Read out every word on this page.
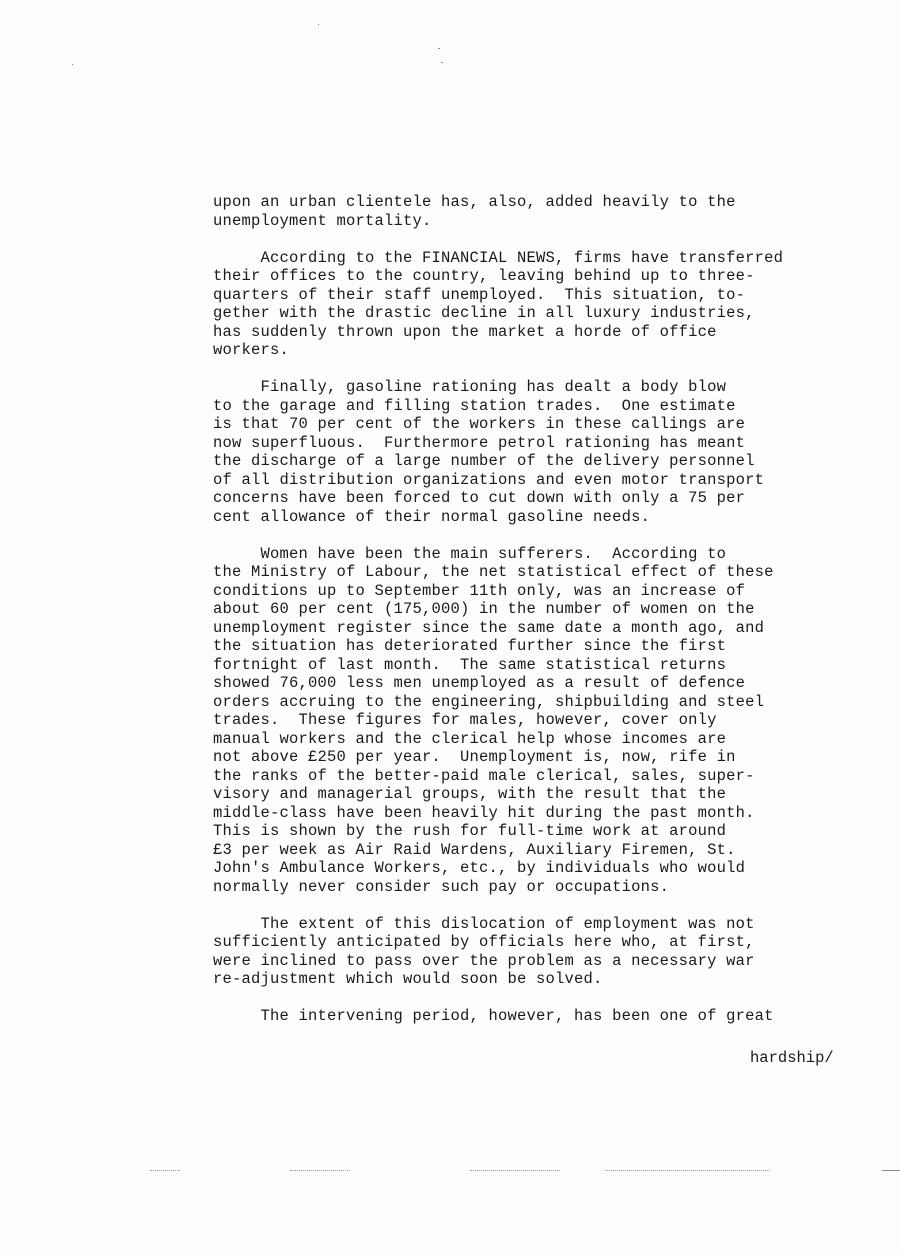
upon an urban clientele has, also, added heavily to the
unemployment mortality.
According to the FINANCIAL NEWS, firms have transferred
their offices to the country, leaving behind up to three-
quarters of their staff unemployed.  This situation, to-
gether with the drastic decline in all luxury industries,
has suddenly thrown upon the market a horde of office
workers.
Finally, gasoline rationing has dealt a body blow
to the garage and filling station trades.  One estimate
is that 70 per cent of the workers in these callings are
now superfluous.  Furthermore petrol rationing has meant
the discharge of a large number of the delivery personnel
of all distribution organizations and even motor transport
concerns have been forced to cut down with only a 75 per
cent allowance of their normal gasoline needs.
Women have been the main sufferers.  According to
the Ministry of Labour, the net statistical effect of these
conditions up to September 11th only, was an increase of
about 60 per cent (175,000) in the number of women on the
unemployment register since the same date a month ago, and
the situation has deteriorated further since the first
fortnight of last month.  The same statistical returns
showed 76,000 less men unemployed as a result of defence
orders accruing to the engineering, shipbuilding and steel
trades.  These figures for males, however, cover only
manual workers and the clerical help whose incomes are
not above £250 per year.  Unemployment is, now, rife in
the ranks of the better-paid male clerical, sales, super-
visory and managerial groups, with the result that the
middle-class have been heavily hit during the past month.
This is shown by the rush for full-time work at around
£3 per week as Air Raid Wardens, Auxiliary Firemen, St.
John's Ambulance Workers, etc., by individuals who would
normally never consider such pay or occupations.
The extent of this dislocation of employment was not
sufficiently anticipated by officials here who, at first,
were inclined to pass over the problem as a necessary war
re-adjustment which would soon be solved.
The intervening period, however, has been one of great
hardship/
